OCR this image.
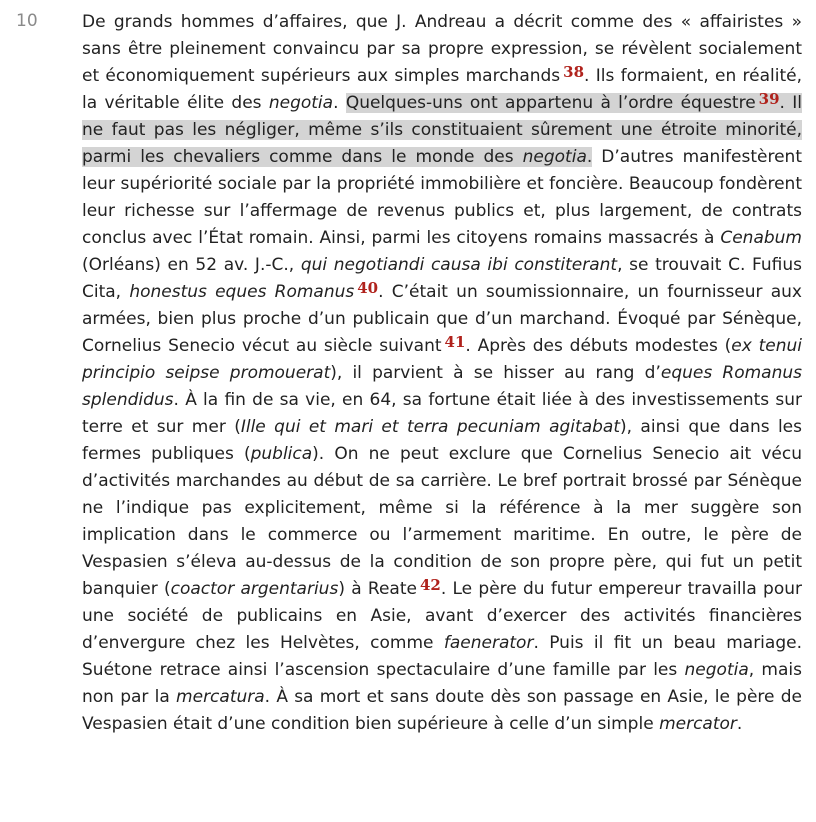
10	De grands hommes d’affaires, que J. Andreau a décrit comme des « affairistes » sans être pleinement convaincu par sa propre expression, se révèlent socialement et économiquement supérieurs aux simples marchands 38. Ils formaient, en réalité, la véritable élite des negotia. Quelques-uns ont appartenu à l’ordre équestre 39. Il ne faut pas les négliger, même s’ils constituaient sûrement une étroite minorité, parmi les chevaliers comme dans le monde des negotia. D’autres manifestèrent leur supériorité sociale par la propriété immobilière et foncière. Beaucoup fondèrent leur richesse sur l’affermage de revenus publics et, plus largement, de contrats conclus avec l’État romain. Ainsi, parmi les citoyens romains massacrés à Cenabum (Orléans) en 52 av. J.-C., qui negotiandi causa ibi constiterant, se trouvait C. Fufius Cita, honestus eques Romanus 40. C’était un soumissionnaire, un fournisseur aux armées, bien plus proche d’un publicain que d’un marchand. Évoqué par Sénèque, Cornelius Senecio vécut au siècle suivant 41. Après des débuts modestes (ex tenui principio seipse promouerat), il parvient à se hisser au rang d’eques Romanus splendidus. À la fin de sa vie, en 64, sa fortune était liée à des investissements sur terre et sur mer (Ille qui et mari et terra pecuniam agitabat), ainsi que dans les fermes publiques (publica). On ne peut exclure que Cornelius Senecio ait vécu d’activités marchandes au début de sa carrière. Le bref portrait brossé par Sénèque ne l’indique pas explicitement, même si la référence à la mer suggère son implication dans le commerce ou l’armement maritime. En outre, le père de Vespasien s’éleva au-dessus de la condition de son propre père, qui fut un petit banquier (coactor argentarius) à Reate 42. Le père du futur empereur travailla pour une société de publicains en Asie, avant d’exercer des activités financières d’envergure chez les Helvètes, comme faenerator. Puis il fit un beau mariage. Suétone retrace ainsi l’ascension spectaculaire d’une famille par les negotia, mais non par la mercatura. À sa mort et sans doute dès son passage en Asie, le père de Vespasien était d’une condition bien supérieure à celle d’un simple mercator.
